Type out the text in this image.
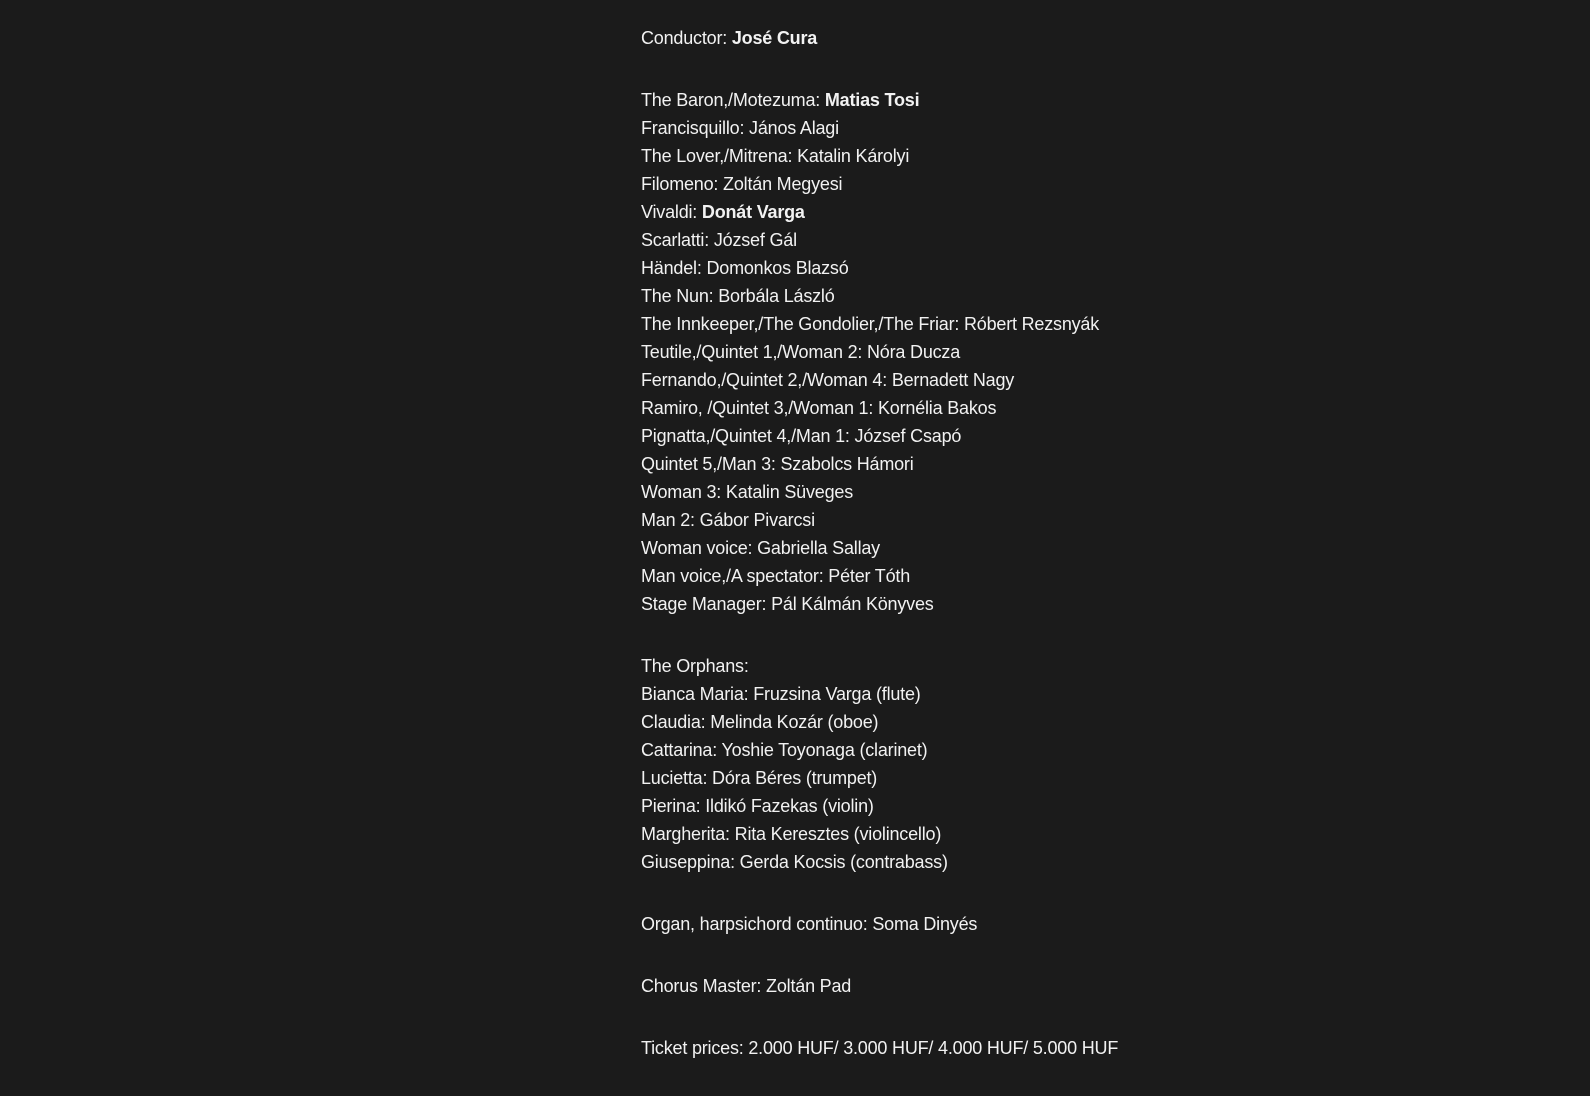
Conductor: José Cura
The Baron,/Motezuma: Matias Tosi
Francisquillo: János Alagi
The Lover,/Mitrena: Katalin Károlyi
Filomeno: Zoltán Megyesi
Vivaldi: Donát Varga
Scarlatti: József Gál
Händel: Domonkos Blazsó
The Nun: Borbála László
The Innkeeper,/The Gondolier,/The Friar: Róbert Rezsnyák
Teutile,/Quintet 1,/Woman 2: Nóra Ducza
Fernando,/Quintet 2,/Woman 4: Bernadett Nagy
Ramiro, /Quintet 3,/Woman 1: Kornélia Bakos
Pignatta,/Quintet 4,/Man 1: József Csapó
Quintet 5,/Man 3: Szabolcs Hámori
Woman 3: Katalin Süveges
Man 2: Gábor Pivarcsi
Woman voice: Gabriella Sallay
Man voice,/A spectator: Péter Tóth
Stage Manager: Pál Kálmán Könyves
The Orphans:
Bianca Maria: Fruzsina Varga (flute)
Claudia: Melinda Kozár (oboe)
Cattarina: Yoshie Toyonaga (clarinet)
Lucietta: Dóra Béres (trumpet)
Pierina: Ildikó Fazekas (violin)
Margherita: Rita Keresztes (violincello)
Giuseppina: Gerda Kocsis (contrabass)
Organ, harpsichord continuo: Soma Dinyés
Chorus Master: Zoltán Pad
Ticket prices: 2.000 HUF/ 3.000 HUF/ 4.000 HUF/ 5.000 HUF
